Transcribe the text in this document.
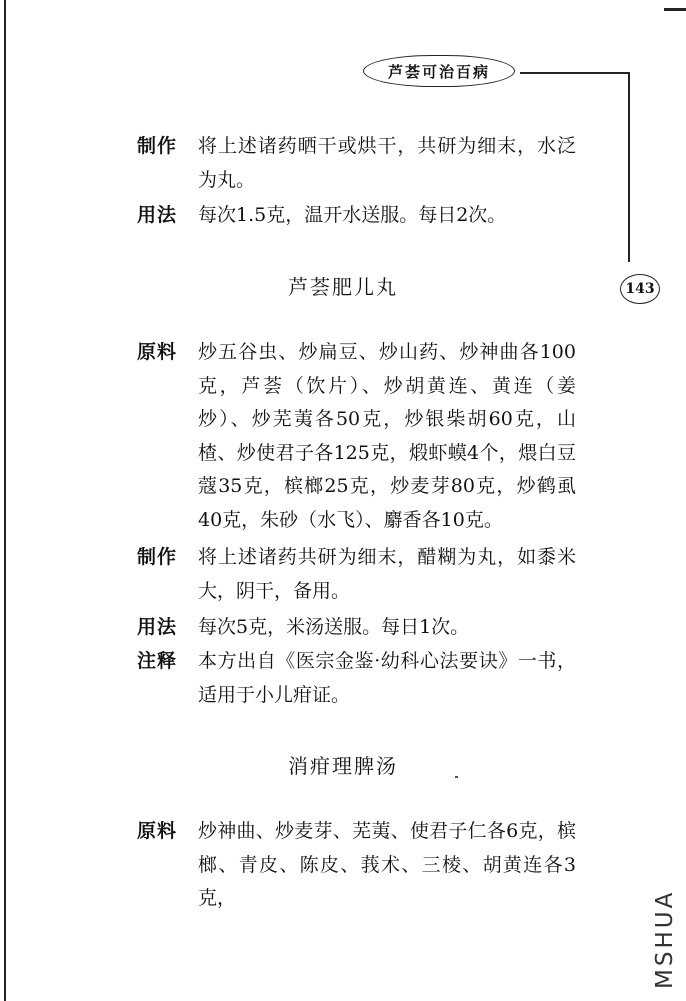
芦荟可治百病
143
制作	将上述诸药晒干或烘干，共研为细末，水泛为丸。
用法	每次1.5克，温开水送服。每日2次。
芦荟肥儿丸
原料	炒五谷虫、炒扁豆、炒山药、炒神曲各100克，芦荟（饮片）、炒胡黄连、黄连（姜炒）、炒芜荑各50克，炒银柴胡60克，山楂、炒使君子各125克，煅虾蟆4个，煨白豆蔻35克，槟榔25克，炒麦芽80克，炒鹤虱40克，朱砂（水飞）、麝香各10克。
制作	将上述诸药共研为细末，醋糊为丸，如黍米大，阴干，备用。
用法	每次5克，米汤送服。每日1次。
注释	本方出自《医宗金鉴·幼科心法要诀》一书，适用于小儿疳证。
消疳理脾汤
原料	炒神曲、炒麦芽、芜荑、使君子仁各6克，槟榔、青皮、陈皮、莪术、三棱、胡黄连各3克，	MSHUA
